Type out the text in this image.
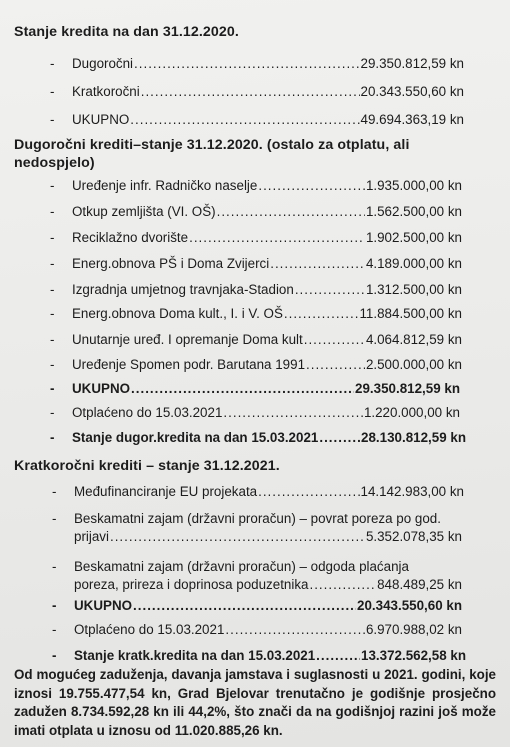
Stanje kredita na dan 31.12.2020.
-	Dugoročni .....	29.350.812,59 kn
-	Kratkoročni .....	20.343.550,60 kn
-	UKUPNO .....	49.694.363,19 kn
Dugoročni krediti–stanje 31.12.2020. (ostalo za otplatu, ali nedospjelo)
-	Uređenje infr. Radničko naselje .....	1.935.000,00 kn
-	Otkup zemljišta (VI. OŠ) .....	1.562.500,00 kn
-	Reciklažno dvorište .....	1.902.500,00 kn
-	Energ.obnova PŠ i Doma Zvijerci .....	4.189.000,00 kn
-	Izgradnja umjetnog travnjaka-Stadion .....	1.312.500,00 kn
-	Energ.obnova Doma kult., I. i V. OŠ .....	11.884.500,00 kn
-	Unutarnje uređ. I opremanje Doma kult .....	4.064.812,59 kn
-	Uređenje Spomen podr. Barutana 1991 .....	2.500.000,00 kn
-	UKUPNO .....	29.350.812,59 kn
-	Otplaćeno do 15.03.2021 .....	1.220.000,00 kn
-	Stanje dugor.kredita na dan 15.03.2021 .....	28.130.812,59 kn
Kratkoročni krediti – stanje 31.12.2021.
-	Međufinanciranje EU projekata .....	14.142.983,00 kn
-	Beskamatni zajam (državni proračun) – povrat poreza po god.
prijavi .....	5.352.078,35 kn
-	Beskamatni zajam (državni proračun) – odgoda plaćanja
poreza, prireza i doprinosa poduzetnika .....	848.489,25 kn
-	UKUPNO .....	20.343.550,60 kn
-	Otplaćeno do 15.03.2021 .....	6.970.988,02 kn
-	Stanje kratk.kredita na dan 15.03.2021 .....	13.372.562,58 kn
Od mogućeg zaduženja, davanja jamstava i suglasnosti u 2021. godini, koje iznosi 19.755.477,54 kn, Grad Bjelovar trenutačno je godišnje prosječno zadužen 8.734.592,28 kn ili 44,2%, što znači da na godišnjoj razini još može imati otplata u iznosu od 11.020.885,26 kn.
